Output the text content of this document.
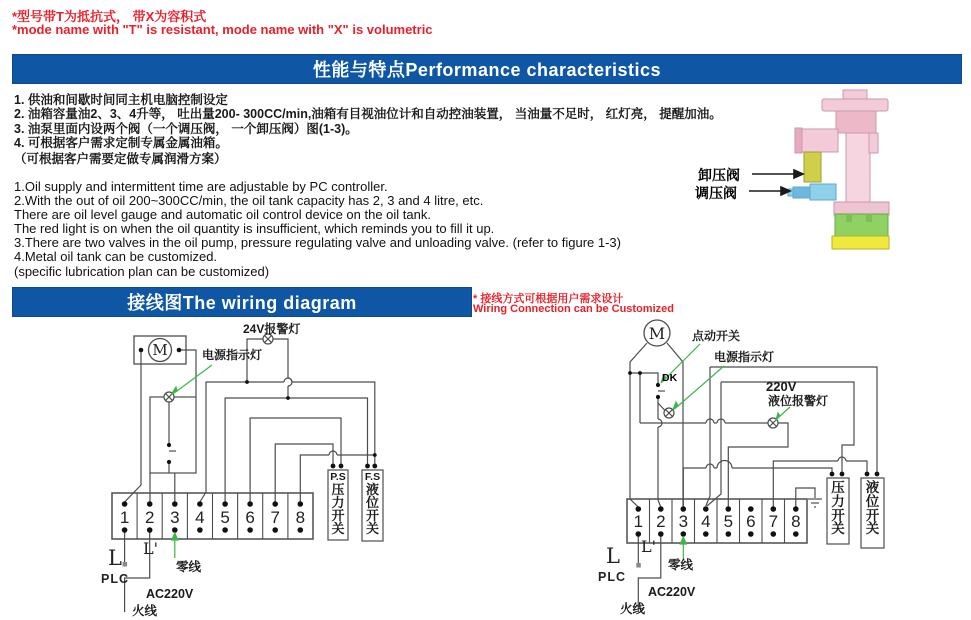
*型号带T为抵抗式， 带X为容积式
*mode name with "T" is resistant, mode name with "X" is volumetric
性能与特点Performance characteristics
1. 供油和间歇时间同主机电脑控制设定
2. 油箱容量油2、3、4升等， 吐出量200- 300CC/min,油箱有目视油位计和自动控油装置， 当油量不足时， 红灯亮， 提醒加油。
3. 油泵里面内设两个阀（一个调压阀， 一个卸压阀）图(1-3)。
4. 可根据客户需求定制专属金属油箱。
（可根据客户需要定做专属润滑方案）
1.Oil supply and intermittent time are adjustable by PC controller.
2.With the out of oil 200~300CC/min, the oil tank capacity has 2, 3 and 4 litre, etc.
There are oil level gauge and automatic oil control device on the oil tank.
The red light is on when the oil quantity is insufficient, which reminds you to fill it up.
3.There are two valves in the oil pump, pressure regulating valve and unloading valve. (refer to figure 1-3)
4.Metal oil tank can be customized.
(specific lubrication plan can be customized)
卸压阀
调压阀
接线图The wiring diagram	* 接线方式可根据用户需求设计
Wiring Connection can be Customized
1 2 3 4 5 6 7 8	1 2 3 4 5 6 7 8
M	电源指示灯
24V报警灯
P.S
压力开关
F.S
液位开关
L L'
PLC
零线
AC220V
火线
M 点动开关
电源指示灯
DK
220V
液位报警灯
压力开关
液位开关
L L'
PLC
零线
AC220V
火线
